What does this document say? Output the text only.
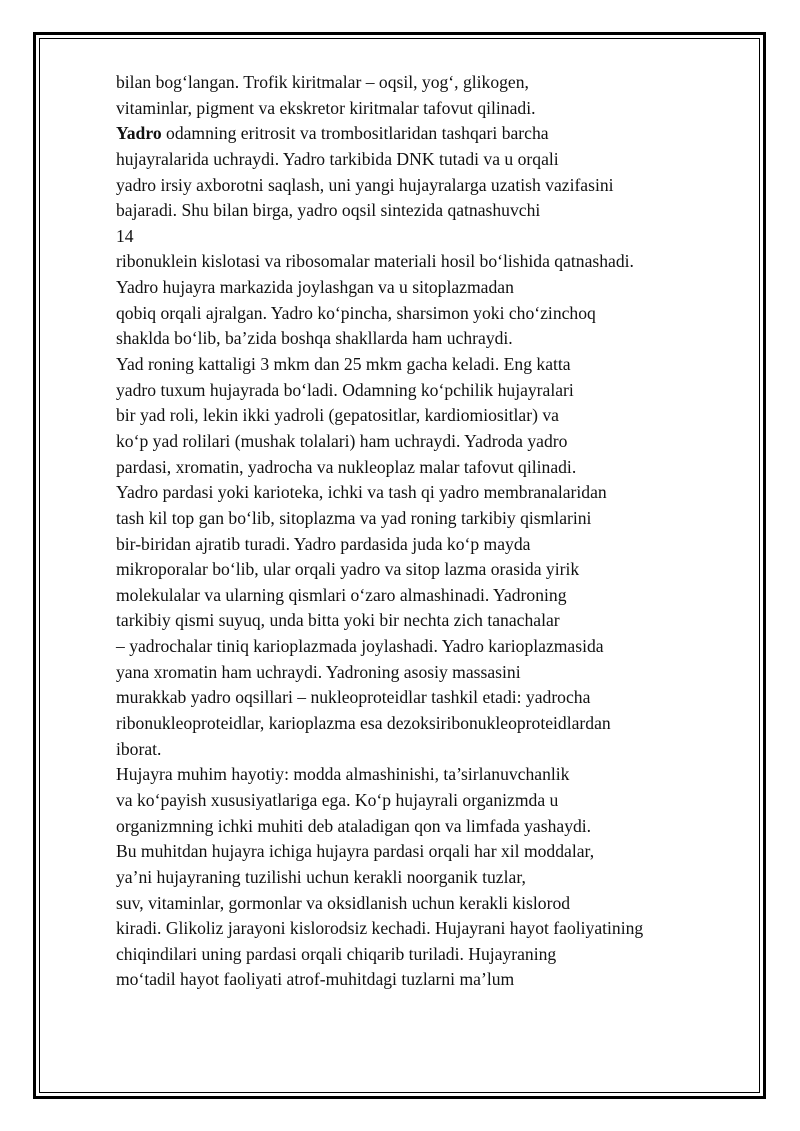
bilan bog‘langan. Trofik kiritmalar – oqsil, yog‘, glikogen,
vitaminlar, pigment va ekskretor kiritmalar tafovut qilinadi.
Yadro odamning eritrosit va trombositlaridan tashqari barcha
hujayralarida uchraydi. Yadro tarkibida DNK tutadi va u orqali
yadro irsiy axborotni saqlash, uni yangi hujayralarga uzatish vazifasini
bajaradi. Shu bilan birga, yadro oqsil sintezida qatnashuvchi
14
ribonuklein kislotasi va ribosomalar materiali hosil bo‘lishida qatnashadi.
Yadro hujayra markazida joylashgan va u sitoplazmadan
qobiq orqali ajralgan. Yadro ko‘pincha, sharsimon yoki cho‘zinchoq
shaklda bo‘lib, ba’zida boshqa shakllarda ham uchraydi.
Yad roning kattaligi 3 mkm dan 25 mkm gacha keladi. Eng katta
yadro tuxum hujayrada bo‘ladi. Odamning ko‘pchilik hujayralari
bir yad roli, lekin ikki yadroli (gepatositlar, kardiomiositlar) va
ko‘p yad rolilari (mushak tolalari) ham uchraydi. Yadroda yadro
pardasi, xromatin, yadrocha va nukleoplaz malar tafovut qilinadi.
Yadro pardasi yoki karioteka, ichki va tash qi yadro membranalaridan
tash kil top gan bo‘lib, sitoplazma va yad roning tarkibiy qismlarini
bir-biridan ajratib turadi. Yadro pardasida juda ko‘p mayda
mikroporalar bo‘lib, ular orqali yadro va sitop lazma orasida yirik
molekulalar va ularning qismlari o‘zaro almashinadi. Yadroning
tarkibiy qismi suyuq, unda bitta yoki bir nechta zich tanachalar
– yadrochalar tiniq karioplazmada joylashadi. Yadro karioplazmasida
yana xromatin ham uchraydi. Yadroning asosiy massasini
murakkab yadro oqsillari – nukleoproteidlar tashkil etadi: yadrocha
ribonukleoproteidlar, karioplazma esa dezoksiribonukleoproteidlardan
iborat.
Hujayra muhim hayotiy: modda almashinishi, ta’sirlanuvchanlik
va ko‘payish xususiyatlariga ega. Ko‘p hujayrali organizmda u
organizmning ichki muhiti deb ataladigan qon va limfada yashaydi.
Bu muhitdan hujayra ichiga hujayra pardasi orqali har xil moddalar,
ya’ni hujayraning tuzilishi uchun kerakli noorganik tuzlar,
suv, vitaminlar, gormonlar va oksidlanish uchun kerakli kislorod
kiradi. Glikoliz jarayoni kislorodsiz kechadi. Hujayrani hayot faoliyatining
chiqindilari uning pardasi orqali chiqarib turiladi. Hujayraning
mo‘tadil hayot faoliyati atrof-muhitdagi tuzlarni ma’lum
